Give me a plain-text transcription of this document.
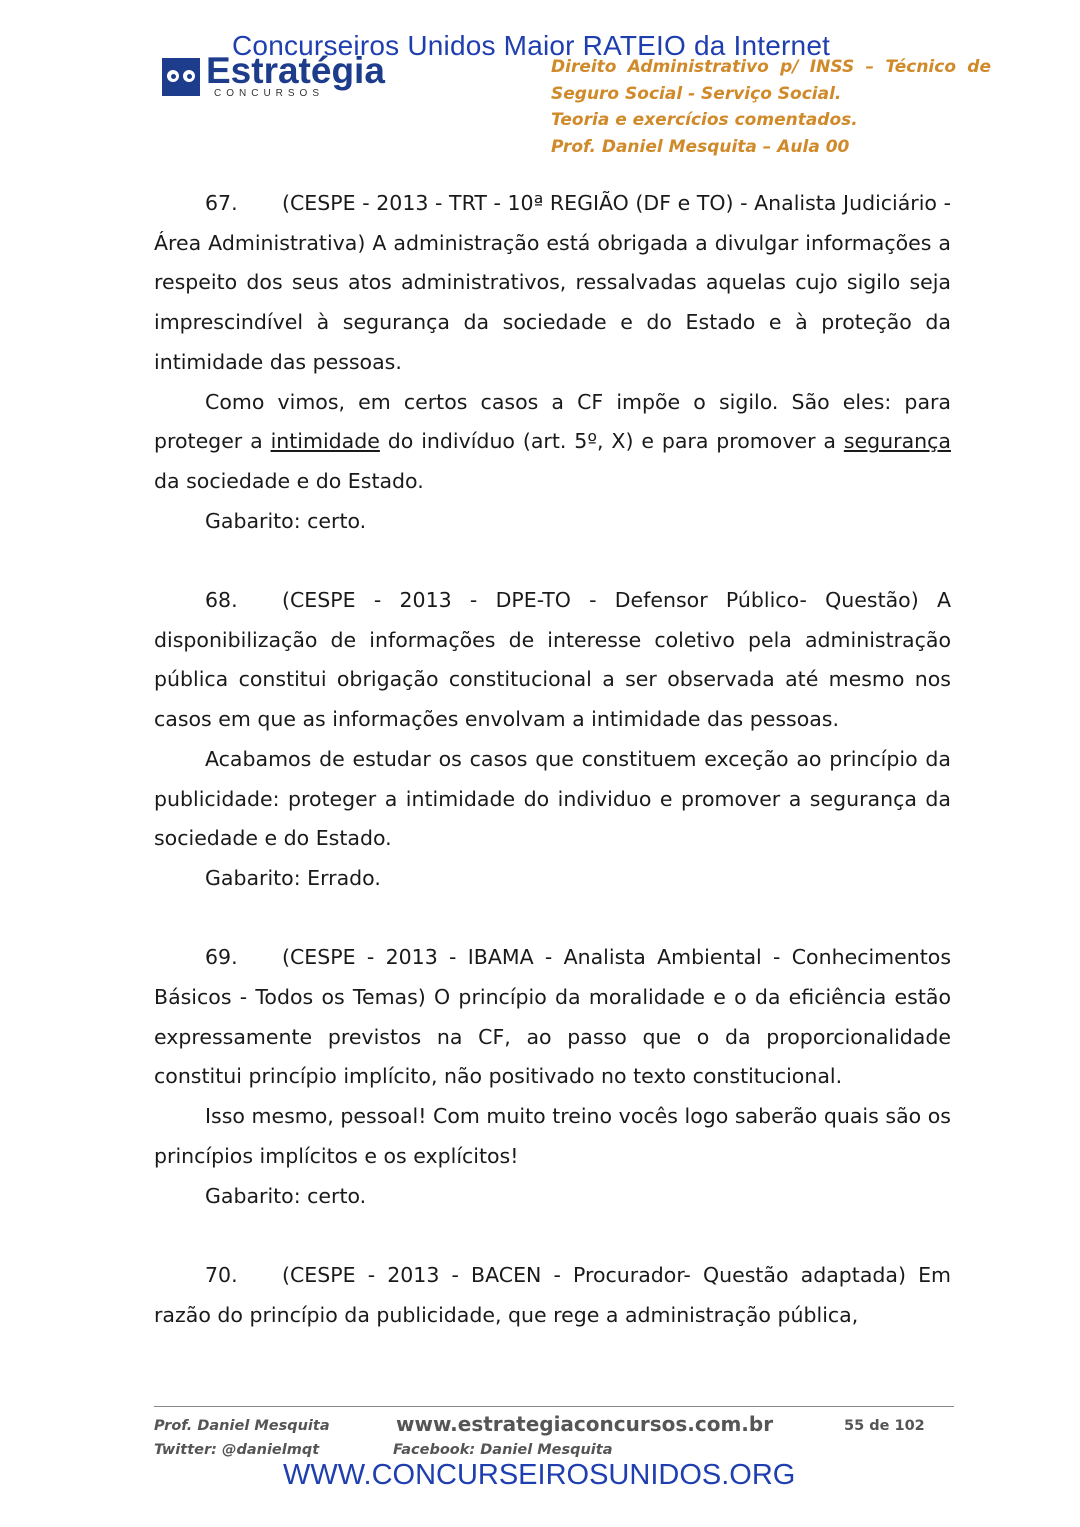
Concurseiros Unidos Maior RATEIO da Internet
Estratégia
CONCURSOS
Direito Administrativo p/ INSS – Técnico de
Seguro Social - Serviço Social.
Teoria e exercícios comentados.
Prof. Daniel Mesquita – Aula 00

67. (CESPE - 2013 - TRT - 10ª REGIÃO (DF e TO) - Analista Judiciário - Área Administrativa) A administração está obrigada a divulgar informações a respeito dos seus atos administrativos, ressalvadas aquelas cujo sigilo seja imprescindível à segurança da sociedade e do Estado e à proteção da intimidade das pessoas.

Como vimos, em certos casos a CF impõe o sigilo. São eles: para proteger a intimidade do indivíduo (art. 5º, X) e para promover a segurança da sociedade e do Estado.

Gabarito: certo.

68. (CESPE - 2013 - DPE-TO - Defensor Público- Questão) A disponibilização de informações de interesse coletivo pela administração pública constitui obrigação constitucional a ser observada até mesmo nos casos em que as informações envolvam a intimidade das pessoas.

Acabamos de estudar os casos que constituem exceção ao princípio da publicidade: proteger a intimidade do individuo e promover a segurança da sociedade e do Estado.

Gabarito: Errado.

69. (CESPE - 2013 - IBAMA - Analista Ambiental - Conhecimentos Básicos - Todos os Temas) O princípio da moralidade e o da eficiência estão expressamente previstos na CF, ao passo que o da proporcionalidade constitui princípio implícito, não positivado no texto constitucional.

Isso mesmo, pessoal! Com muito treino vocês logo saberão quais são os princípios implícitos e os explícitos!

Gabarito: certo.

70. (CESPE - 2013 - BACEN - Procurador- Questão adaptada) Em razão do princípio da publicidade, que rege a administração pública,

Prof. Daniel Mesquita
Twitter: @danielmqt
www.estrategiaconcursos.com.br
Facebook: Daniel Mesquita
55 de 102
WWW.CONCURSEIROSUNIDOS.ORG
